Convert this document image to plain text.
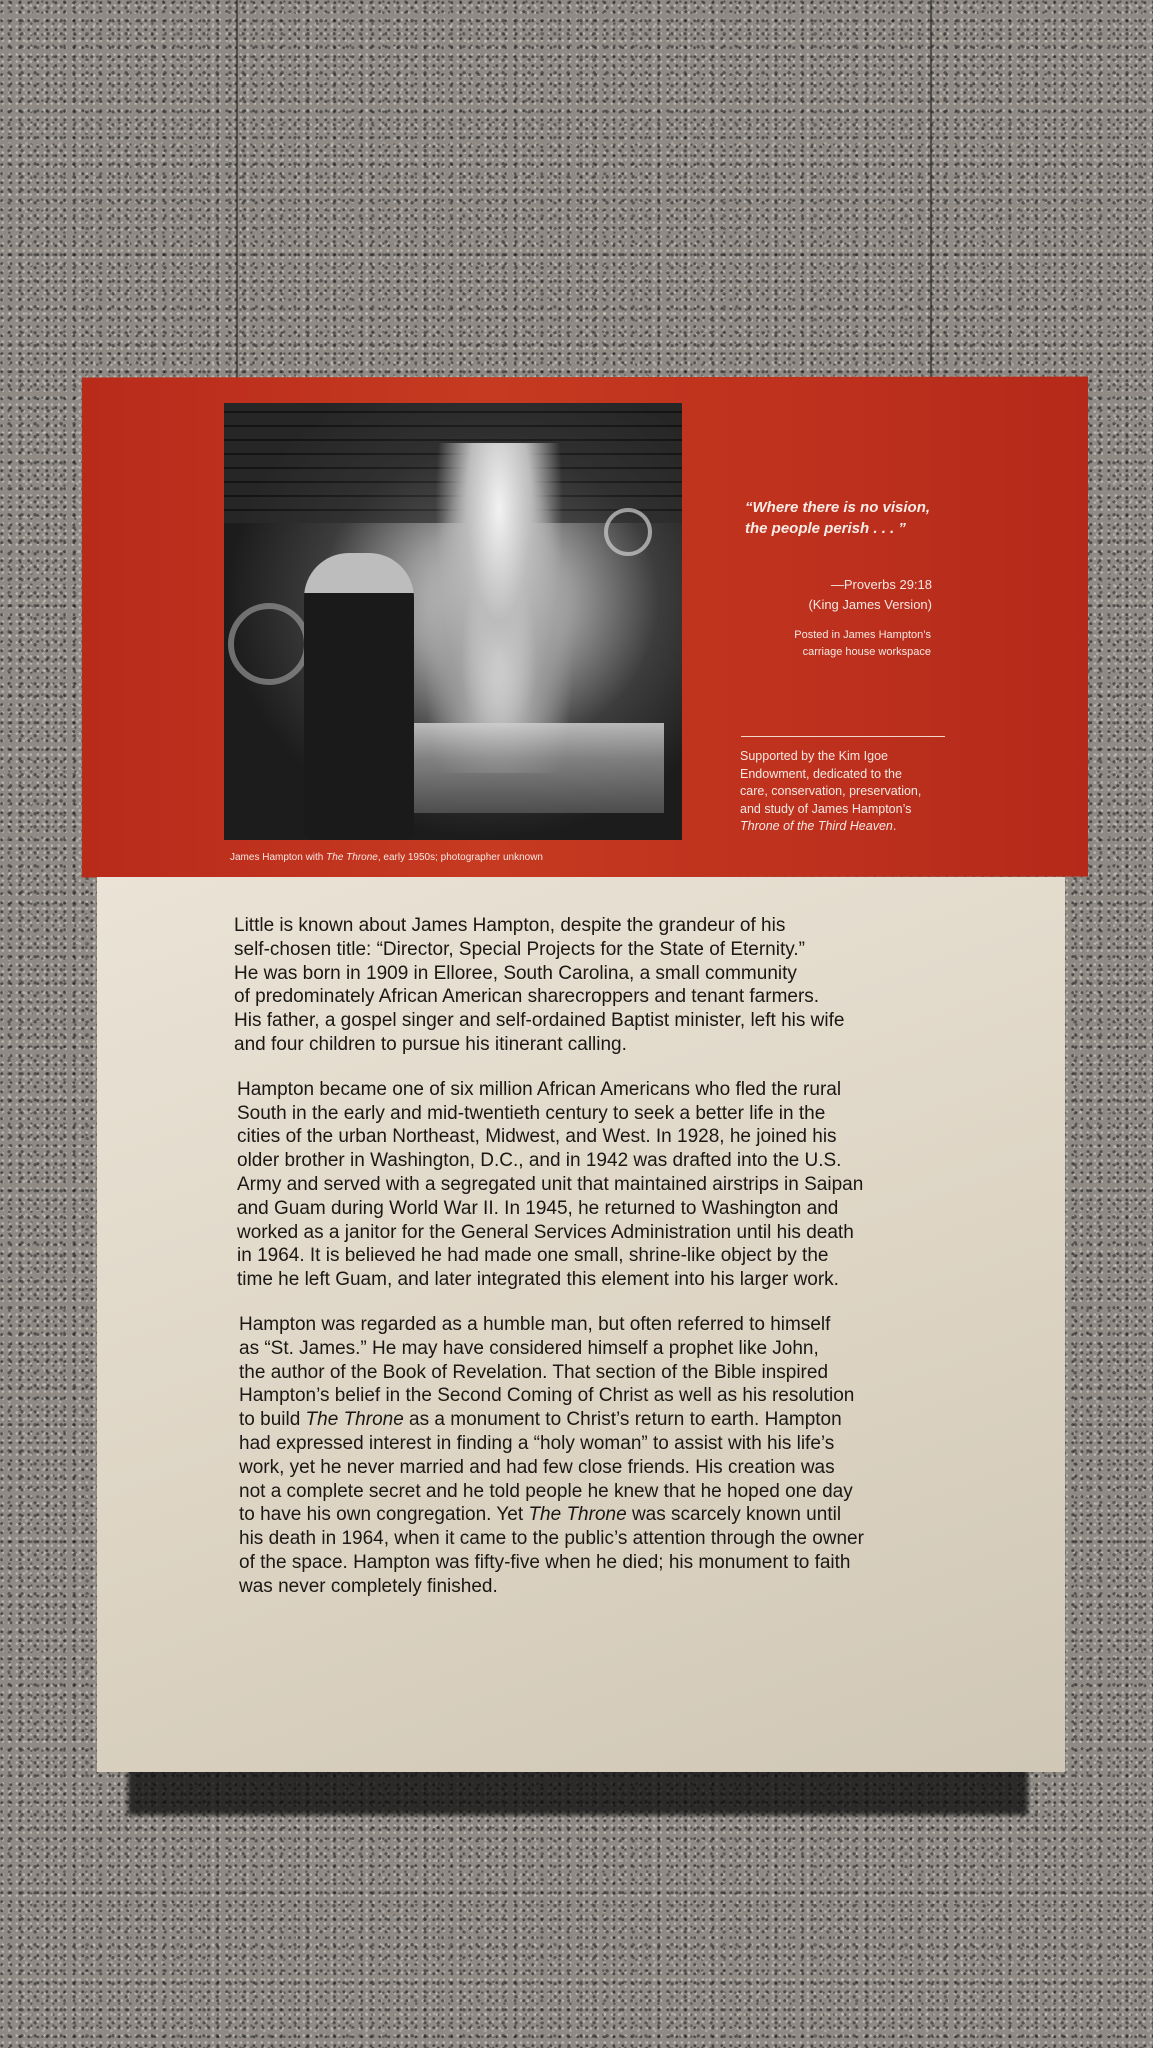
James Hampton with The Throne, early 1950s; photographer unknown
“Where there is no vision,
the people perish . . . ”
—Proverbs 29:18
(King James Version)
Posted in James Hampton’s
carriage house workspace
Supported by the Kim Igoe
Endowment, dedicated to the
care, conservation, preservation,
and study of James Hampton’s
Throne of the Third Heaven.
Little is known about James Hampton, despite the grandeur of his
self-chosen title: “Director, Special Projects for the State of Eternity.”
He was born in 1909 in Elloree, South Carolina, a small community
of predominately African American sharecroppers and tenant farmers.
His father, a gospel singer and self-ordained Baptist minister, left his wife
and four children to pursue his itinerant calling.
Hampton became one of six million African Americans who fled the rural
South in the early and mid-twentieth century to seek a better life in the
cities of the urban Northeast, Midwest, and West. In 1928, he joined his
older brother in Washington, D.C., and in 1942 was drafted into the U.S.
Army and served with a segregated unit that maintained airstrips in Saipan
and Guam during World War II. In 1945, he returned to Washington and
worked as a janitor for the General Services Administration until his death
in 1964. It is believed he had made one small, shrine-like object by the
time he left Guam, and later integrated this element into his larger work.
Hampton was regarded as a humble man, but often referred to himself
as “St. James.” He may have considered himself a prophet like John,
the author of the Book of Revelation. That section of the Bible inspired
Hampton’s belief in the Second Coming of Christ as well as his resolution
to build The Throne as a monument to Christ’s return to earth. Hampton
had expressed interest in finding a “holy woman” to assist with his life’s
work, yet he never married and had few close friends. His creation was
not a complete secret and he told people he knew that he hoped one day
to have his own congregation. Yet The Throne was scarcely known until
his death in 1964, when it came to the public’s attention through the owner
of the space. Hampton was fifty-five when he died; his monument to faith
was never completely finished.
